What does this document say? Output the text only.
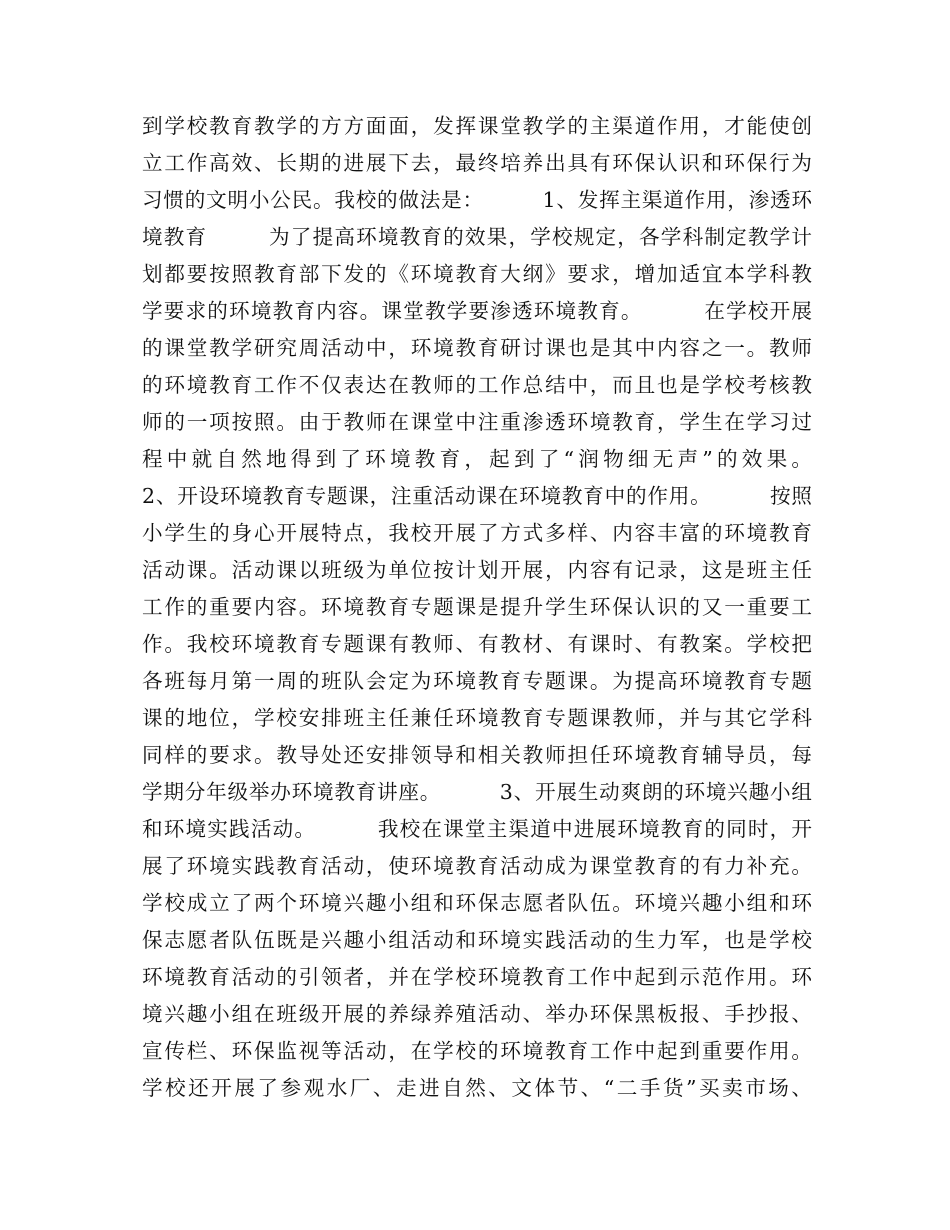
到学校教育教学的方方面面，发挥课堂教学的主渠道作用，才能使创
立工作高效、长期的进展下去，最终培养出具有环保认识和环保行为
习惯的文明小公民。我校的做法是：        1、发挥主渠道作用，渗透环
境教育        为了提高环境教育的效果，学校规定，各学科制定教学计
划都要按照教育部下发的《环境教育大纲》要求，增加适宜本学科教
学要求的环境教育内容。课堂教学要渗透环境教育。        在学校开展
的课堂教学研究周活动中，环境教育研讨课也是其中内容之一。教师
的环境教育工作不仅表达在教师的工作总结中，而且也是学校考核教
师的一项按照。由于教师在课堂中注重渗透环境教育，学生在学习过
程中就自然地得到了环境教育，起到了“润物细无声”的效果。
2、开设环境教育专题课，注重活动课在环境教育中的作用。        按照
小学生的身心开展特点，我校开展了方式多样、内容丰富的环境教育
活动课。活动课以班级为单位按计划开展，内容有记录，这是班主任
工作的重要内容。环境教育专题课是提升学生环保认识的又一重要工
作。我校环境教育专题课有教师、有教材、有课时、有教案。学校把
各班每月第一周的班队会定为环境教育专题课。为提高环境教育专题
课的地位，学校安排班主任兼任环境教育专题课教师，并与其它学科
同样的要求。教导处还安排领导和相关教师担任环境教育辅导员，每
学期分年级举办环境教育讲座。        3、开展生动爽朗的环境兴趣小组
和环境实践活动。        我校在课堂主渠道中进展环境教育的同时，开
展了环境实践教育活动，使环境教育活动成为课堂教育的有力补充。
学校成立了两个环境兴趣小组和环保志愿者队伍。环境兴趣小组和环
保志愿者队伍既是兴趣小组活动和环境实践活动的生力军，也是学校
环境教育活动的引领者，并在学校环境教育工作中起到示范作用。环
境兴趣小组在班级开展的养绿养殖活动、举办环保黑板报、手抄报、
宣传栏、环保监视等活动，在学校的环境教育工作中起到重要作用。
学校还开展了参观水厂、走进自然、文体节、“二手货”买卖市场、
